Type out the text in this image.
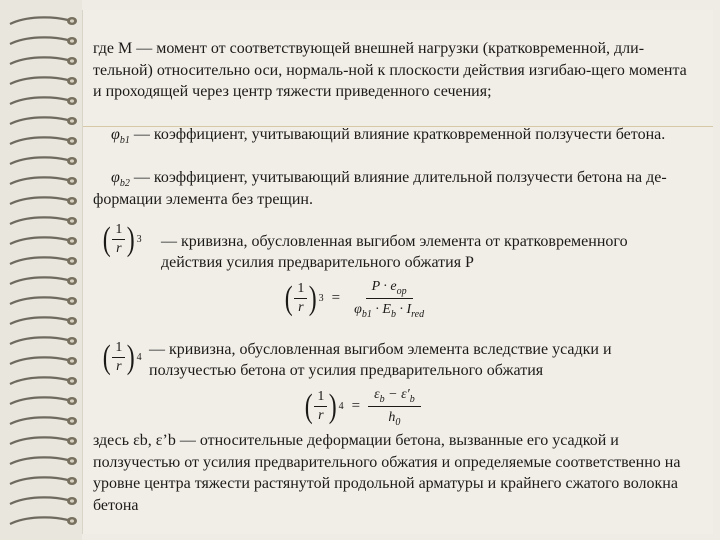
где M — момент от соответствующей внешней нагрузки (кратковременной, дли-тельной) относительно оси, нормаль-ной к плоскости действия изгибаю-щего момента и проходящей через центр тяжести приведенного сечения;

$\varphi_{b1}$ — коэффициент, учитывающий влияние кратковременной ползучести бетона.

$\varphi_{b2}$ — коэффициент, учитывающий влияние длительной ползучести бетона на де-формации элемента без трещин.

( $\frac{1}{r}$ ) 3 — кривизна, обусловленная выгибом элемента от кратковременного действия усилия предварительного обжатия P

( $\frac{1}{r}$ ) $3 = \frac{P \cdot e_{op}}{\varphi_{b1} \cdot E_b \cdot I_{red}}$
( $\frac{1}{r}$ ) 4 — кривизна, обусловленная выгибом элемента вследствие усадки и ползучестью бетона от усилия предварительного обжатия

( $\frac{1}{r}$ ) $4 = \frac{\varepsilon_b - \varepsilon'_b}{h_0}$

здесь εb, ε’b — относительные деформации бетона, вызванные его усадкой и ползучестью от усилия предварительного обжатия и определяемые соответственно на уровне центра тяжести растянутой продольной арматуры и крайнего сжатого волокна бетона
